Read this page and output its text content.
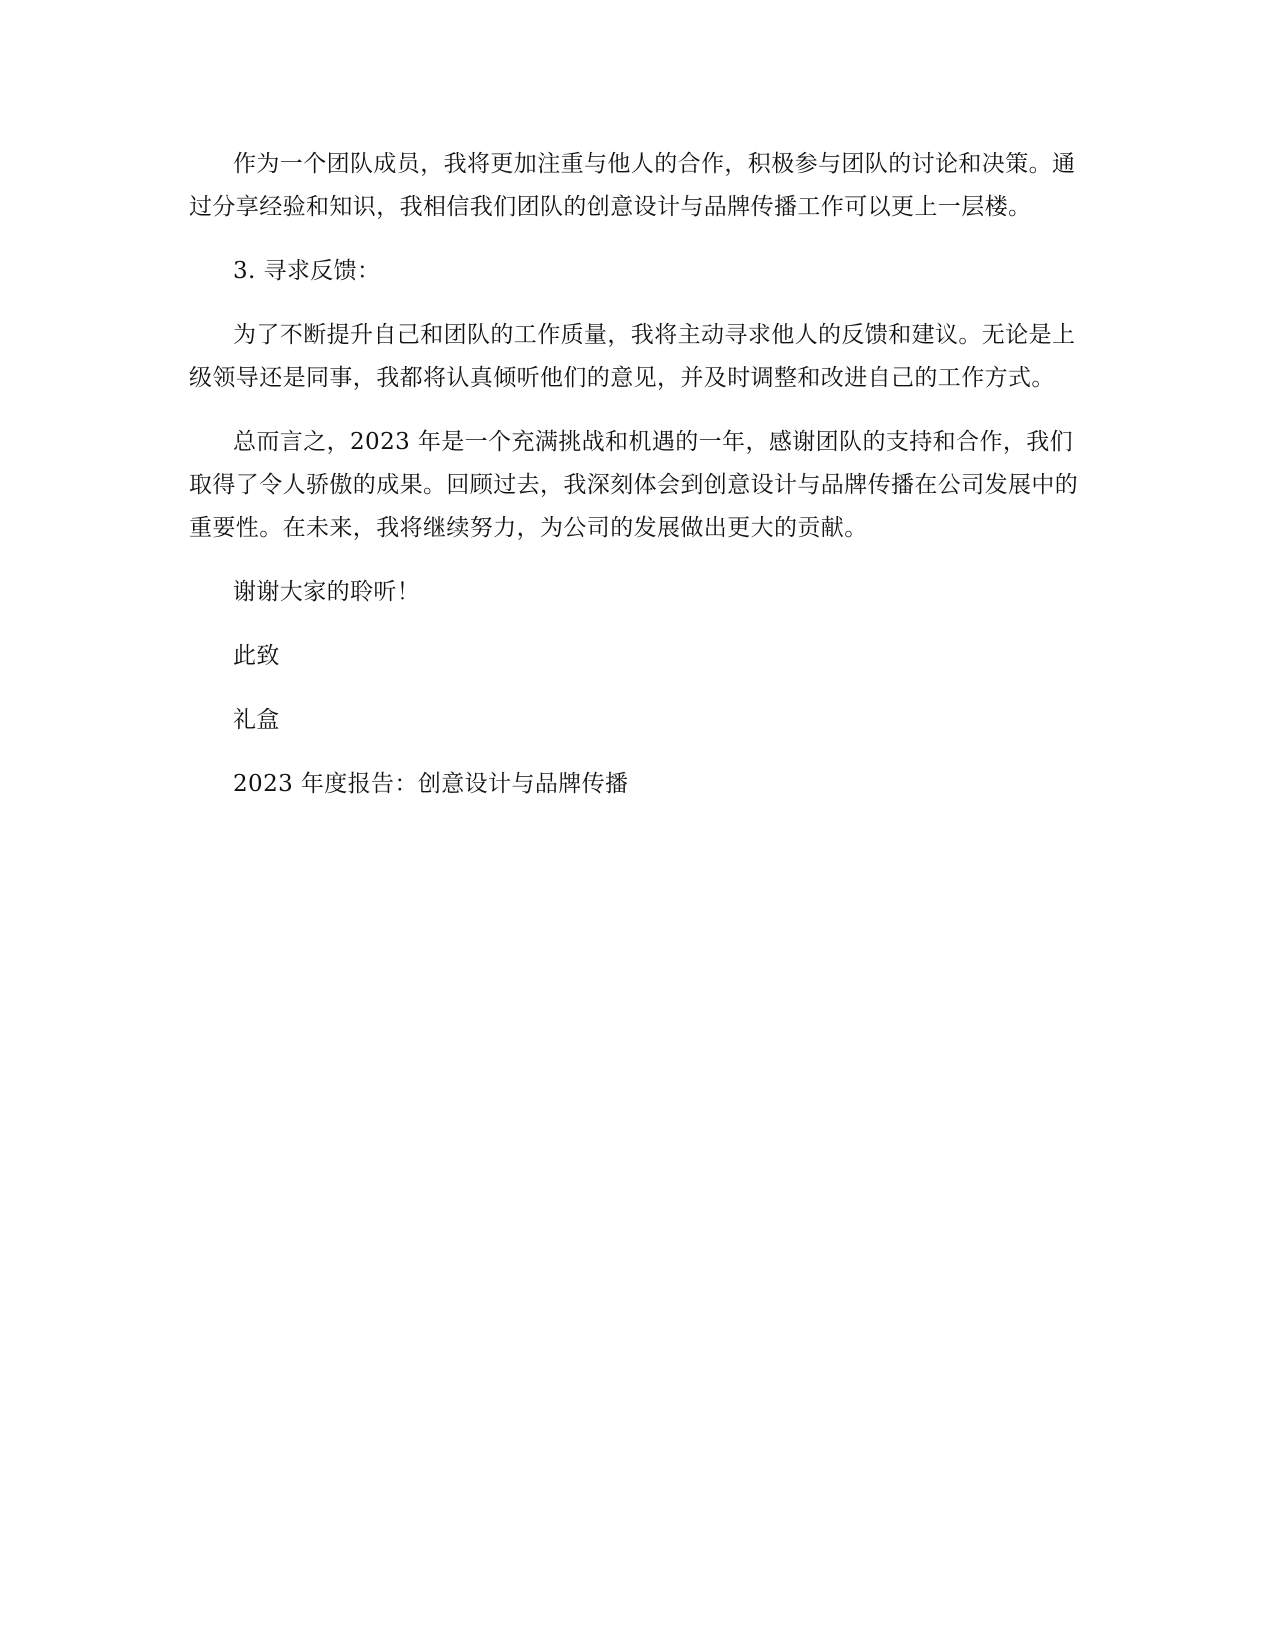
作为一个团队成员，我将更加注重与他人的合作，积极参与团队的讨论和决策。通过分享经验和知识，我相信我们团队的创意设计与品牌传播工作可以更上一层楼。

3. 寻求反馈：

为了不断提升自己和团队的工作质量，我将主动寻求他人的反馈和建议。无论是上级领导还是同事，我都将认真倾听他们的意见，并及时调整和改进自己的工作方式。

总而言之，2023 年是一个充满挑战和机遇的一年，感谢团队的支持和合作，我们取得了令人骄傲的成果。回顾过去，我深刻体会到创意设计与品牌传播在公司发展中的重要性。在未来，我将继续努力，为公司的发展做出更大的贡献。

谢谢大家的聆听！

此致

礼盒

2023 年度报告：创意设计与品牌传播
